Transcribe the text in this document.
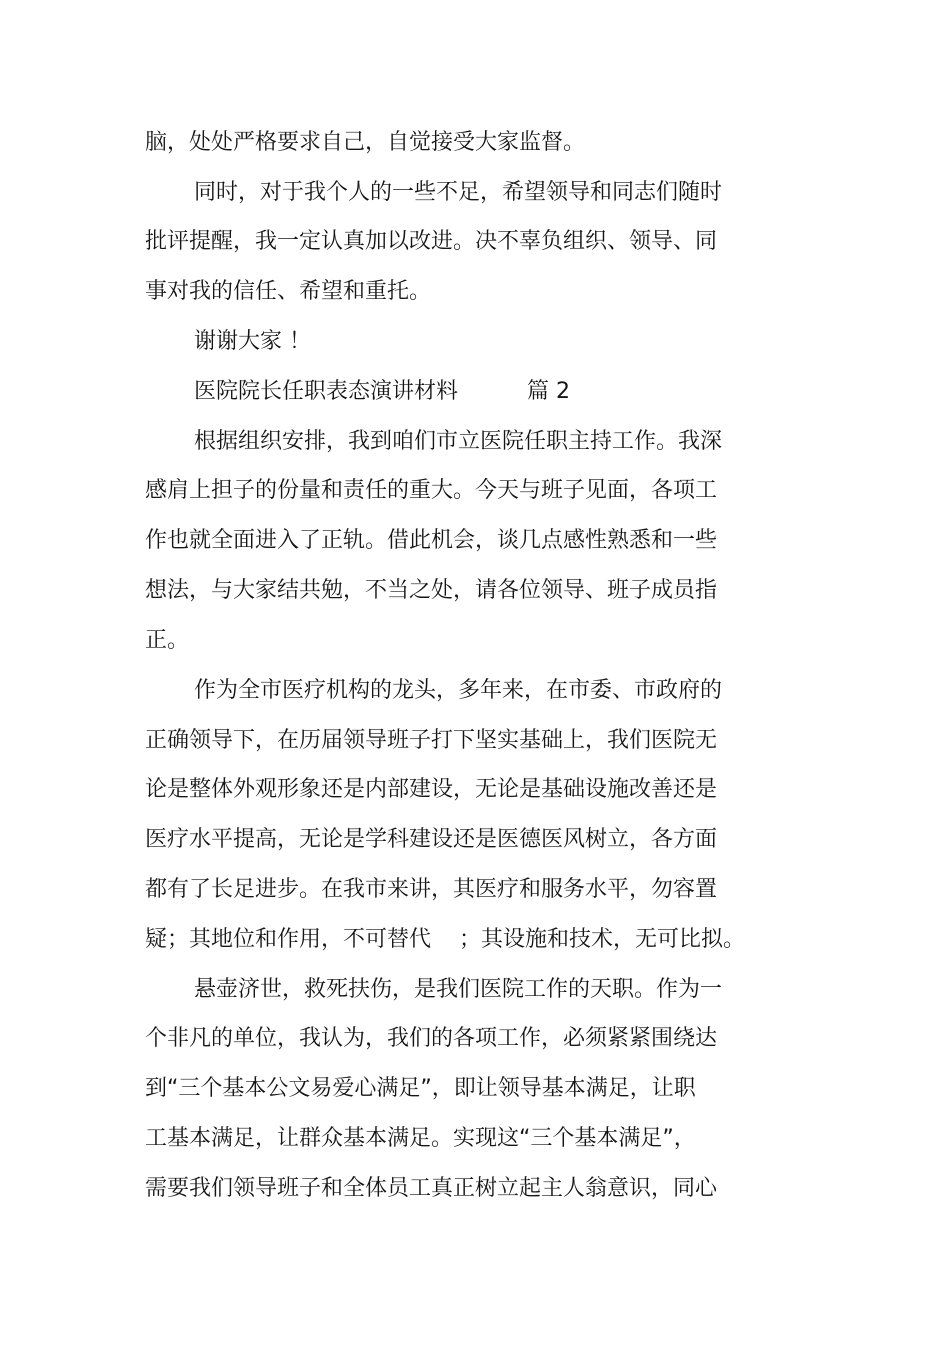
脑，处处严格要求自己，自觉接受大家监督。
同时，对于我个人的一些不足，希望领导和同志们随时
批评提醒，我一定认真加以改进。决不辜负组织、领导、同
事对我的信任、希望和重托。
谢谢大家 ！

医院院长任职表态演讲材料

	篇 2

根据组织安排，我到咱们市立医院任职主持工作。我深
感肩上担子的份量和责任的重大。今天与班子见面，各项工
作也就全面进入了正轨。借此机会，谈几点感性熟悉和一些
想法，与大家结共勉，不当之处，请各位领导、班子成员指
正。
作为全市医疗机构的龙头，多年来，在市委、市政府的
正确领导下，在历届领导班子打下坚实基础上，我们医院无
论是整体外观形象还是内部建设，无论是基础设施改善还是
医疗水平提高，无论是学科建设还是医德医风树立，各方面
都有了长足进步。在我市来讲，其医疗和服务水平，勿容置
疑；其地位和作用，不可替代 ；其设施和技术，无可比拟。
悬壶济世，救死扶伤，是我们医院工作的天职。作为一
个非凡的单位，我认为，我们的各项工作，必须紧紧围绕达
到“三个基本公文易爱心满足”，即让领导基本满足，让职
工基本满足，让群众基本满足。实现这“三个基本满足”，
需要我们领导班子和全体员工真正树立起主人翁意识，同心
